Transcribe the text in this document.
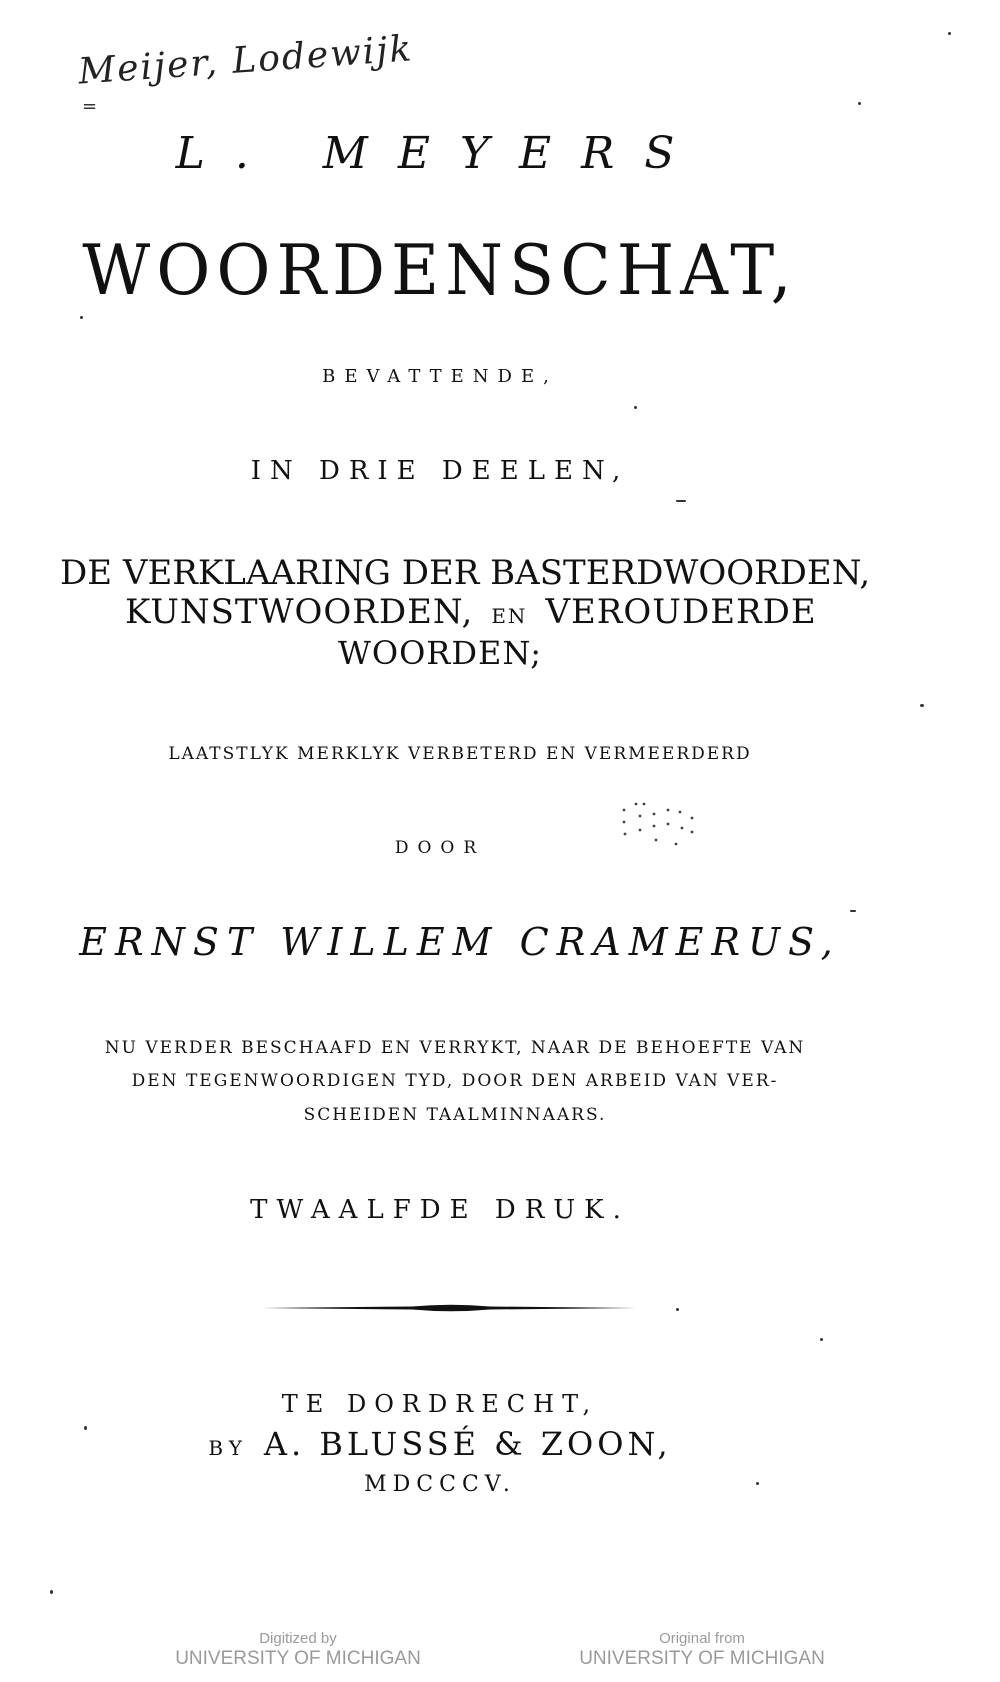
Meijer, Lodewijk
=
L. MEYERS
WOORDENSCHAT,
BEVATTENDE,
IN DRIE DEELEN,
DE VERKLAARING DER BASTERDWOORDEN,
KUNSTWOORDEN, EN VEROUDERDE
WOORDEN;
LAATSTLYK MERKLYK VERBETERD EN VERMEERDERD
DOOR
ERNST WILLEM CRAMERUS,
NU VERDER BESCHAAFD EN VERRYKT, NAAR DE BEHOEFTE VAN
DEN TEGENWOORDIGEN TYD, DOOR DEN ARBEID VAN VER-
SCHEIDEN TAALMINNAARS.
TWAALFDE DRUK.
TE DORDRECHT,
BY A. BLUSSÉ & ZOON,
MDCCCV.
Digitized by
UNIVERSITY OF MICHIGAN
Original from
UNIVERSITY OF MICHIGAN
